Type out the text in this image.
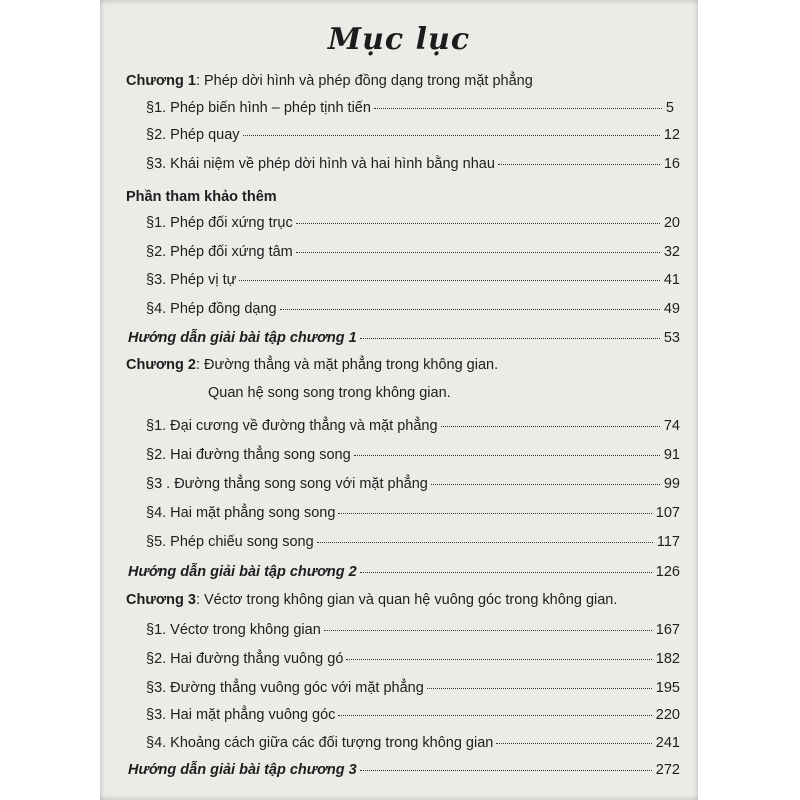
Mục lục
Chương 1: Phép dời hình và phép đồng dạng trong mặt phẳng
§1. Phép biến hình – phép tịnh tiến	5
§2. Phép quay	12
§3. Khái niệm về phép dời hình và hai hình bằng nhau	16
Phần tham khảo thêm
§1. Phép đối xứng trục	20
§2. Phép đối xứng tâm	32
§3. Phép vị tự	41
§4. Phép đồng dạng	49
Hướng dẫn giải bài tập chương 1	53
Chương 2: Đường thẳng và mặt phẳng trong không gian.
Quan hệ song song trong không gian.
§1. Đại cương về đường thẳng và mặt phẳng	74
§2. Hai đường thẳng song song	91
§3 . Đường thẳng song song với mặt phẳng	99
§4. Hai mặt phẳng song song	107
§5. Phép chiếu song song	117
Hướng dẫn giải bài tập chương 2	126
Chương 3: Véctơ trong không gian và quan hệ vuông góc trong không gian.
§1. Véctơ trong không gian	167
§2. Hai đường thẳng vuông gó	182
§3. Đường thẳng vuông góc với mặt phẳng	195
§3. Hai mặt phẳng vuông góc	220
§4. Khoảng cách giữa các đối tượng trong không gian	241
Hướng dẫn giải bài tập chương 3	272
